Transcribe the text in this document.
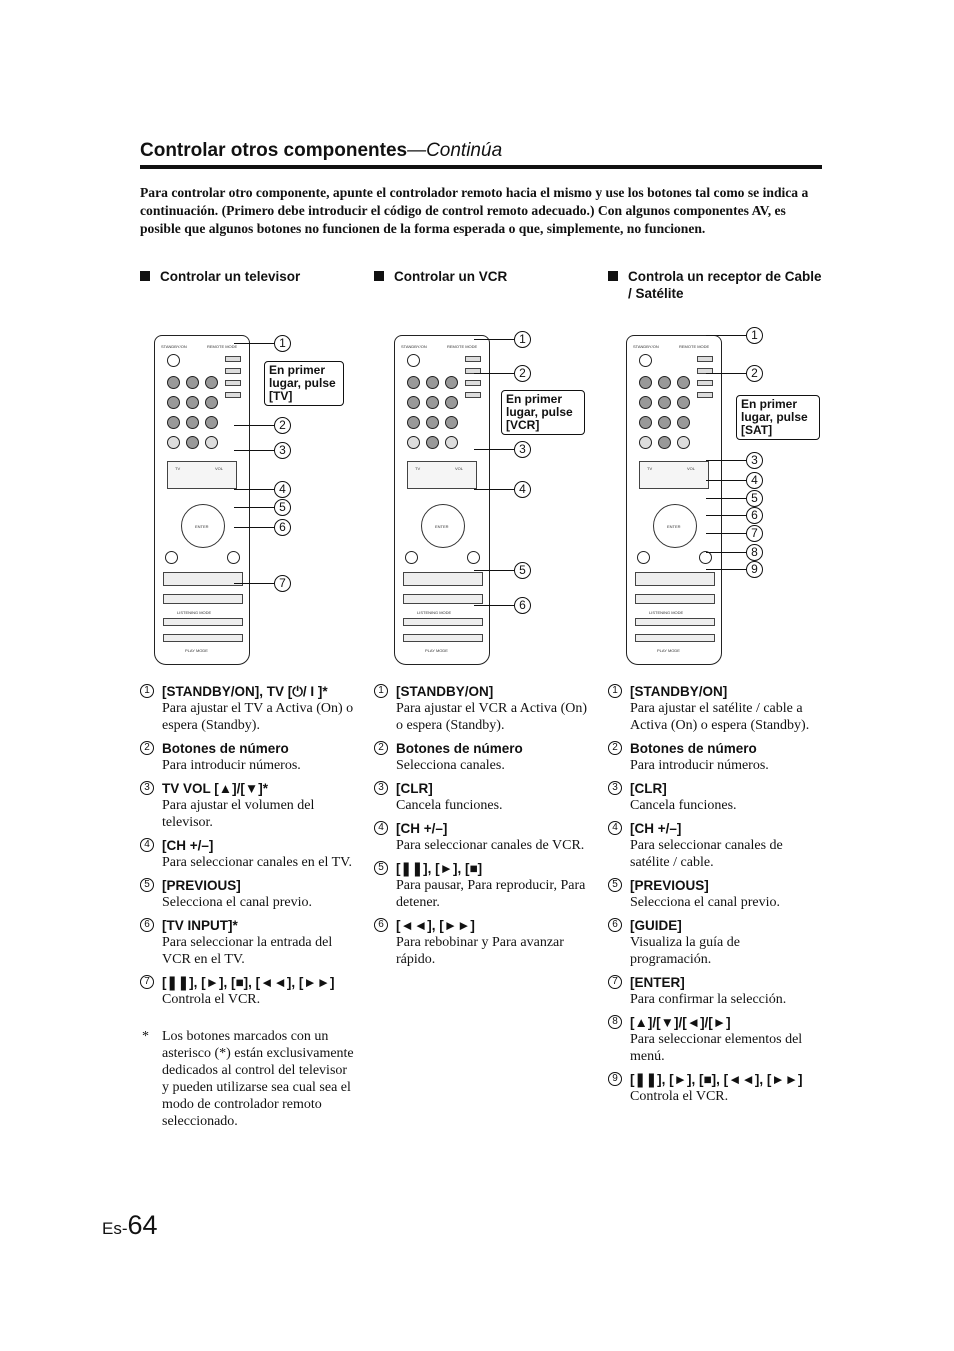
Controlar otros componentes—Continúa
Para controlar otro componente, apunte el controlador remoto hacia el mismo y use los botones tal como se indica a continuación. (Primero debe introducir el código de control remoto adecuado.) Con algunos componentes AV, es posible que algunos botones no funcionen de la forma esperada o que, simplemente, no funcionen.
Controlar un televisor	Controlar un VCR	Controla un receptor de Cable / Satélite
STANDBY/ON	REMOTE MODE
TV	VOL
ENTER
LISTENING MODE
PLAY MODE
1
2
3
4
5
6
7
STANDBY/ON	REMOTE MODE
TV	VOL
ENTER
LISTENING MODE
PLAY MODE
1
2
3
4
5
6
STANDBY/ON	REMOTE MODE
TV	VOL
ENTER
LISTENING MODE
PLAY MODE
1
2
3
4
5
6
7
8
9
En primer lugar, pulse [TV]	En primer lugar, pulse [VCR]
En primer lugar, pulse [SAT]
1 [STANDBY/ON], TV [⏻/ I ]*
Para ajustar el TV a Activa (On) o espera (Standby).
2 Botones de número
Para introducir números.
3 TV VOL [▲]/[▼]*
Para ajustar el volumen del televisor.
4 [CH +/–]
Para seleccionar canales en el TV.
5 [PREVIOUS]
Selecciona el canal previo.
6 [TV INPUT]*
Para seleccionar la entrada del VCR en el TV.
7 [❚❚], [►], [■], [◄◄], [►►]
Controla el VCR.
* Los botones marcados con un asterisco (*) están exclusivamente dedicados al control del televisor y pueden utilizarse sea cual sea el modo de controlador remoto seleccionado.
1 [STANDBY/ON]
Para ajustar el VCR a Activa (On) o espera (Standby).
2 Botones de número
Selecciona canales.
3 [CLR]
Cancela funciones.
4 [CH +/–]
Para seleccionar canales de VCR.
5 [❚❚], [►], [■]
Para pausar, Para reproducir, Para detener.
6 [◄◄], [►►]
Para rebobinar y Para avanzar rápido.
1 [STANDBY/ON]
Para ajustar el satélite / cable a Activa (On) o espera (Standby).
2 Botones de número
Para introducir números.
3 [CLR]
Cancela funciones.
4 [CH +/–]
Para seleccionar canales de satélite / cable.
5 [PREVIOUS]
Selecciona el canal previo.
6 [GUIDE]
Visualiza la guía de programación.
7 [ENTER]
Para confirmar la selección.
8 [▲]/[▼]/[◄]/[►]
Para seleccionar elementos del menú.
9 [❚❚], [►], [■], [◄◄], [►►]
Controla el VCR.
Es-64
